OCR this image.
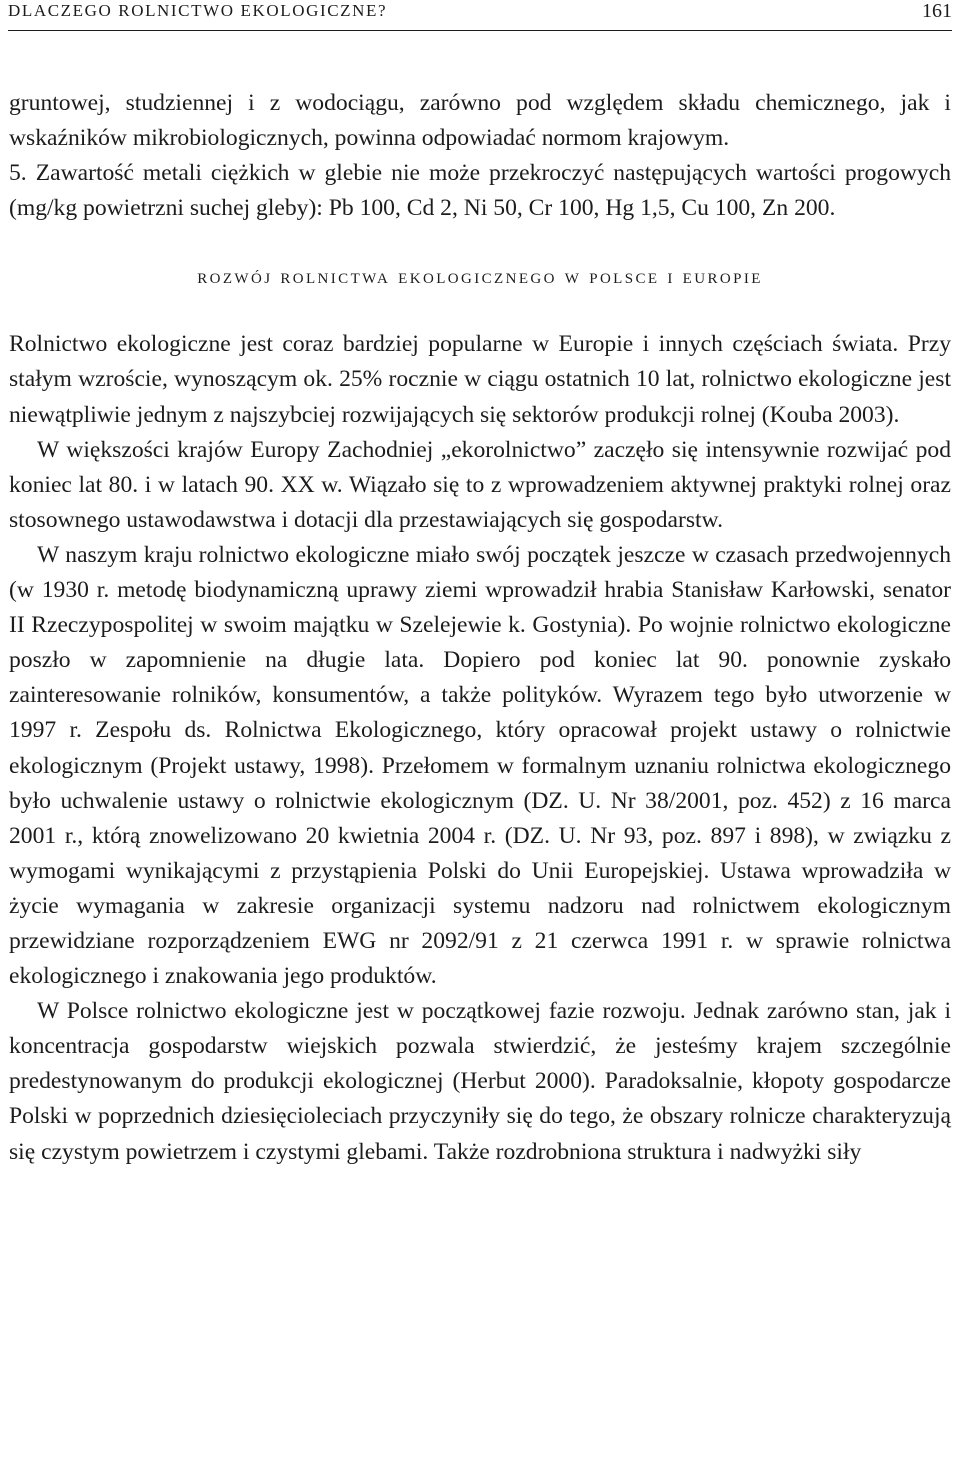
DLACZEGO ROLNICTWO EKOLOGICZNE?	161

gruntowej, studziennej i z wodociągu, zarówno pod względem składu chemicznego, jak i wskaźników mikrobiologicznych, powinna odpowiadać normom krajowym.

5. Zawartość metali ciężkich w glebie nie może przekroczyć następujących wartości progowych (mg/kg powietrzni suchej gleby): Pb 100, Cd 2, Ni 50, Cr 100, Hg 1,5, Cu 100, Zn 200.

rozwój rolnictwa ekologicznego w polsce i europie

Rolnictwo ekologiczne jest coraz bardziej popularne w Europie i innych częściach świata. Przy stałym wzroście, wynoszącym ok. 25% rocznie w ciągu ostatnich 10 lat, rolnictwo ekologiczne jest niewątpliwie jednym z najszybciej rozwijających się sektorów produkcji rolnej (Kouba 2003).

W większości krajów Europy Zachodniej „ekorolnictwo” zaczęło się intensywnie rozwijać pod koniec lat 80. i w latach 90. XX w. Wiązało się to z wprowadzeniem aktywnej praktyki rolnej oraz stosownego ustawodawstwa i dotacji dla przestawiających się gospodarstw.

W naszym kraju rolnictwo ekologiczne miało swój początek jeszcze w czasach przedwojennych (w 1930 r. metodę biodynamiczną uprawy ziemi wprowadził hrabia Stanisław Karłowski, senator II Rzeczypospolitej w swoim majątku w Szelejewie k. Gostynia). Po wojnie rolnictwo ekologiczne poszło w zapomnienie na długie lata. Dopiero pod koniec lat 90. ponownie zyskało zainteresowanie rolników, konsumentów, a także polityków. Wyrazem tego było utworzenie w 1997 r. Zespołu ds. Rolnictwa Ekologicznego, który opracował projekt ustawy o rolnictwie ekologicznym (Projekt ustawy, 1998). Przełomem w formalnym uznaniu rolnictwa ekologicznego było uchwalenie ustawy o rolnictwie ekologicznym (DZ. U. Nr 38/2001, poz. 452) z 16 marca 2001 r., którą znowelizowano 20 kwietnia 2004 r. (DZ. U. Nr 93, poz. 897 i 898), w związku z wymogami wynikającymi z przystąpienia Polski do Unii Europejskiej. Ustawa wprowadziła w życie wymagania w zakresie organizacji systemu nadzoru nad rolnictwem ekologicznym przewidziane rozporządzeniem EWG nr 2092/91 z 21 czerwca 1991 r. w sprawie rolnictwa ekologicznego i znakowania jego produktów.

W Polsce rolnictwo ekologiczne jest w początkowej fazie rozwoju. Jednak zarówno stan, jak i koncentracja gospodarstw wiejskich pozwala stwierdzić, że jesteśmy krajem szczególnie predestynowanym do produkcji ekologicznej (Herbut 2000). Paradoksalnie, kłopoty gospodarcze Polski w poprzednich dziesięcioleciach przyczyniły się do tego, że obszary rolnicze charakteryzują się czystym powietrzem i czystymi glebami. Także rozdrobniona struktura i nadwyżki siły
